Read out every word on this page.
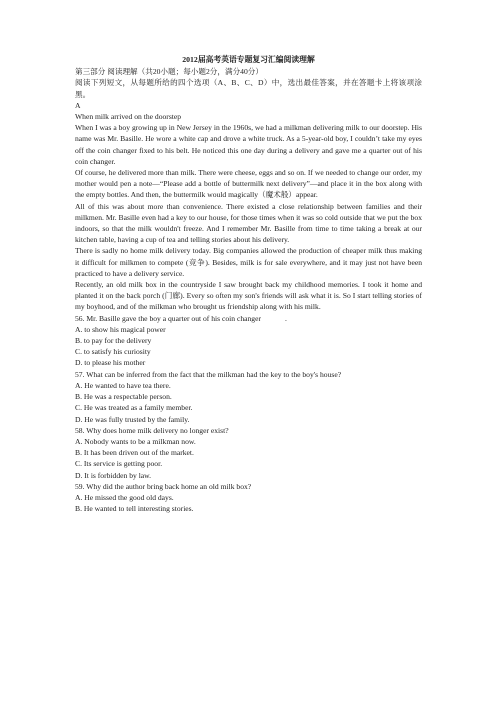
2012届高考英语专题复习汇编阅读理解

第三部分 阅读理解（共20小题；每小题2分，满分40分）

阅读下列短文，从每题所给的四个选项（A、B、C、D）中，选出最佳答案，并在答题卡上将该项涂黑。

A

When milk arrived on the doorstep

When I was a boy growing up in New Jersey in the 1960s, we had a milkman delivering milk to our doorstep. His name was Mr. Basille. He wore a white cap and drove a white truck. As a 5-year-old boy, I couldn’t take my eyes off the coin changer fixed to his belt. He noticed this one day during a delivery and gave me a quarter out of his coin changer.

Of course, he delivered more than milk. There were cheese, eggs and so on. If we needed to change our order, my mother would pen a note—“Please add a bottle of buttermilk next delivery”—and place it in the box along with the empty bottles. And then, the buttermilk would magically（魔术般）appear.

All of this was about more than convenience. There existed a close relationship between families and their milkmen. Mr. Basille even had a key to our house, for those times when it was so cold outside that we put the box indoors, so that the milk wouldn't freeze. And I remember Mr. Basille from time to time taking a break at our kitchen table, having a cup of tea and telling stories about his delivery.

There is sadly no home milk delivery today. Big companies allowed the production of cheaper milk thus making it difficult for milkmen to compete (竞争). Besides, milk is for sale everywhere, and it may just not have been practiced to have a delivery service.

Recently, an old milk box in the countryside I saw brought back my childhood memories. I took it home and planted it on the back porch (门廊). Every so often my son's friends will ask what it is. So I start telling stories of my boyhood, and of the milkman who brought us friendship along with his milk.

56. Mr. Basille gave the boy a quarter out of his coin changer	.

A. to show his magical power

B. to pay for the delivery

C. to satisfy his curiosity

D. to please his mother

57. What can be inferred from the fact that the milkman had the key to the boy's house?

A. He wanted to have tea there.

B. He was a respectable person.

C. He was treated as a family member.

D. He was fully trusted by the family.

58. Why does home milk delivery no longer exist?

A. Nobody wants to be a milkman now.

B. It has been driven out of the market.

C. Its service is getting poor.

D. It is forbidden by law.

59. Why did the author bring back home an old milk box?

A. He missed the good old days.

B. He wanted to tell interesting stories.
